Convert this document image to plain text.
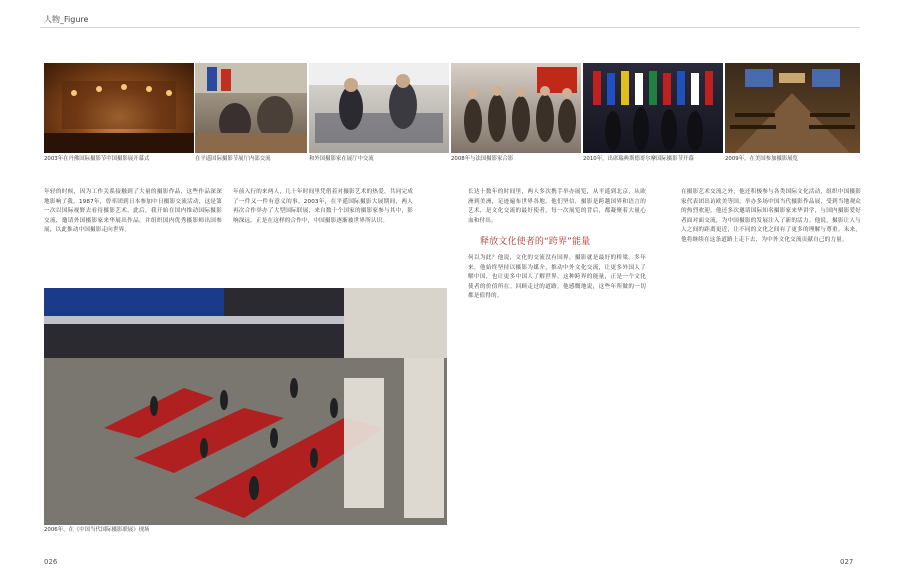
人物_Figure
2003年在丹佛国际摄影节中国摄影展开幕式	在平遥国际摄影节展厅内部交流	和外国摄影家在展厅中交流	2008年与法国摄影家合影	2010年，出席瑞典斯德哥尔摩国际摄影节开幕	2009年，在美国参加摄影展览

年轻的时候，因为工作关系接触到了大量的摄影作品，这些作品深深地影响了我。1987年，曾率团到日本参加中日摄影交流活动，这是第一次以国际视野去看待摄影艺术。此后，我开始在国内推动国际摄影交流，邀请外国摄影家来华展出作品，并组织国内优秀摄影师出国参展，以此推动中国摄影走向世界。

年前入行的来两人，几十年时间里凭借着对摄影艺术的热爱，共同完成了一件又一件有意义的事。2003年，在平遥国际摄影大展期间，两人再次合作举办了大型国际联展，来自数十个国家的摄影家参与其中，影响深远。正是在这样的合作中，中国摄影逐渐被世界所认识。

长达十数年的时间里，两人多次携手举办展览，从平遥到北京，从欧洲到美洲，足迹遍布世界各地。他们坚信，摄影是跨越国界和语言的艺术，是文化交流的最好使者。每一次展览的背后，都凝聚着大量心血和付出。

释放文化使者的“跨界”能量

何以为此？他说，文化的交流没有国界，摄影就是最好的桥梁。多年来，他始终坚持以摄影为媒介，推动中外文化交流，让更多外国人了解中国，也让更多中国人了解世界。这种跨界的能量，正是一个文化使者的价值所在。回顾走过的道路，他感慨地说，这些年所做的一切都是值得的。

在摄影艺术交流之外，他还积极参与各类国际文化活动，组织中国摄影家代表团出访欧美等国，举办多场中国当代摄影作品展，受到当地观众的热烈欢迎。他还多次邀请国际知名摄影家来华讲学，与国内摄影爱好者面对面交流，为中国摄影的发展注入了新的活力。他说，摄影让人与人之间的距离更近，让不同的文化之间有了更多的理解与尊重。未来，他将继续在这条道路上走下去，为中外文化交流贡献自己的力量。

2006年，在《中国当代国际摄影联展》现场
026	027
